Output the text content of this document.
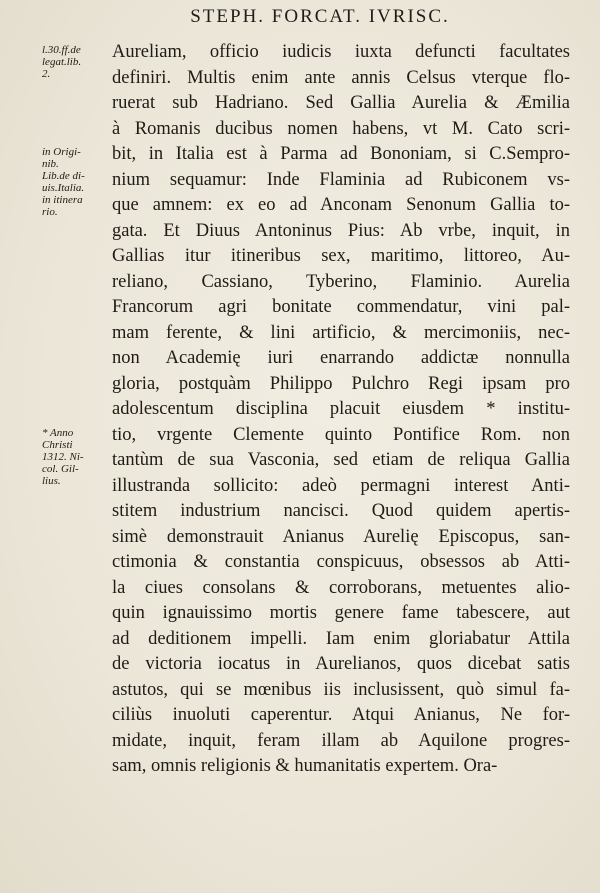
STEPH. FORCAT. IVRISC.
l.30.ff.de
legat.lib.
2.
in Origi-
nib.
Lib.de di-
uis.Italia.
in itinera
rio.
* Anno
Christi
1312. Ni-
col. Gil-
lius.
Aureliam, officio iudicis iuxta defuncti facultates
definiri. Multis enim ante annis Celsus vterque flo-
ruerat sub Hadriano. Sed Gallia Aurelia & Æmilia
à Romanis ducibus nomen habens, vt M. Cato scri-
bit, in Italia est à Parma ad Bononiam, si C.Sempro-
nium sequamur: Inde Flaminia ad Rubiconem vs-
que amnem: ex eo ad Anconam Senonum Gallia to-
gata. Et Diuus Antoninus Pius: Ab vrbe, inquit, in
Gallias itur itineribus sex, maritimo, littoreo, Au-
reliano, Cassiano, Tyberino, Flaminio. Aurelia
Francorum agri bonitate commendatur, vini pal-
mam ferente, & lini artificio, & mercimoniis, nec-
non Academię iuri enarrando addictæ nonnulla
gloria, postquàm Philippo Pulchro Regi ipsam pro
adolescentum disciplina placuit eiusdem * institu-
tio, vrgente Clemente quinto Pontifice Rom. non
tantùm de sua Vasconia, sed etiam de reliqua Gallia
illustranda sollicito: adeò permagni interest Anti-
stitem industrium nancisci. Quod quidem apertis-
simè demonstrauit Anianus Aurelię Episcopus, san-
ctimonia & constantia conspicuus, obsessos ab Atti-
la ciues consolans & corroborans, metuentes alio-
quin ignauissimo mortis genere fame tabescere, aut
ad deditionem impelli. Iam enim gloriabatur Attila
de victoria iocatus in Aurelianos, quos dicebat satis
astutos, qui se mœnibus iis inclusissent, quò simul fa-
ciliùs inuoluti caperentur. Atqui Anianus, Ne for-
midate, inquit, feram illam ab Aquilone progres-
sam, omnis religionis & humanitatis expertem. Ora-
